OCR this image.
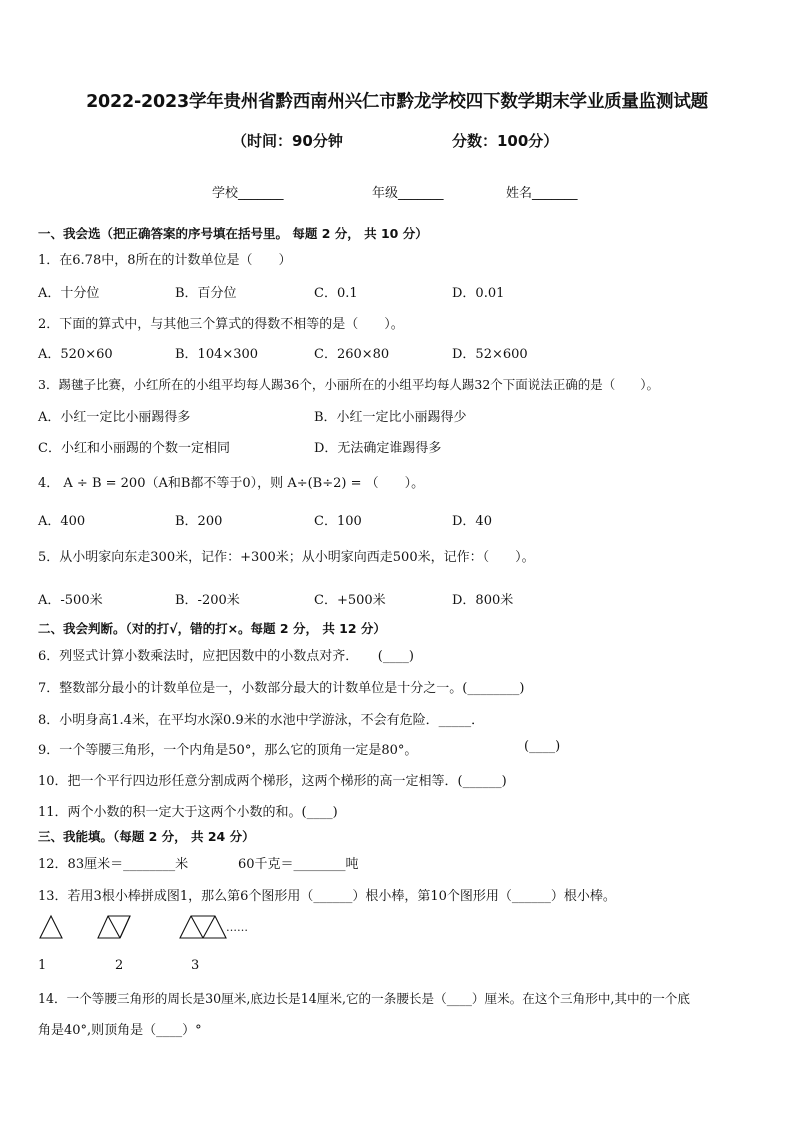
2022-2023学年贵州省黔西南州兴仁市黔龙学校四下数学期末学业质量监测试题
（时间：90分钟	分数：100分）
学校_______	年级_______	姓名_______
一、我会选（把正确答案的序号填在括号里。 每题 2 分， 共 10 分）
1．在6.78中，8所在的计数单位是（　　）
A．十分位	B．百分位	C．0.1	D．0.01
2．下面的算式中，与其他三个算式的得数不相等的是（　　）。
A．520×60	B．104×300	C．260×80	D．52×600
3．踢毽子比赛，小红所在的小组平均每人踢36个，小丽所在的小组平均每人踢32个下面说法正确的是（　　）。
A．小红一定比小丽踢得多	B．小红一定比小丽踢得少
C．小红和小丽踢的个数一定相同	D．无法确定谁踢得多
4． A ÷ B = 200（A和B都不等于0），则 A÷(B÷2) = （　　）。
A．400	B．200	C．100	D．40
5．从小明家向东走300米，记作：+300米；从小明家向西走500米，记作：（　　）。
A．-500米	B．-200米	C．+500米	D．800米
二、我会判断。（对的打√，错的打×。每题 2 分， 共 12 分）
6．列竖式计算小数乘法时，应把因数中的小数点对齐．　　(____)
7．整数部分最小的计数单位是一，小数部分最大的计数单位是十分之一。(________)
8．小明身高1.4米，在平均水深0.9米的水池中学游泳，不会有危险．_____．
9．一个等腰三角形，一个内角是50°，那么它的顶角一定是80°。	(____)
10．把一个平行四边形任意分割成两个梯形，这两个梯形的高一定相等．(______)
11．两个小数的积一定大于这两个小数的和。(____)
三、我能填。（每题 2 分， 共 24 分）
12．83厘米＝________米	60千克＝________吨
13．若用3根小棒拼成图1，那么第6个图形用（______）根小棒，第10个图形用（______）根小棒。
……
1	2	3
14．一个等腰三角形的周长是30厘米,底边长是14厘米,它的一条腰长是（____）厘米。在这个三角形中,其中的一个底
角是40°,则顶角是（____）°
